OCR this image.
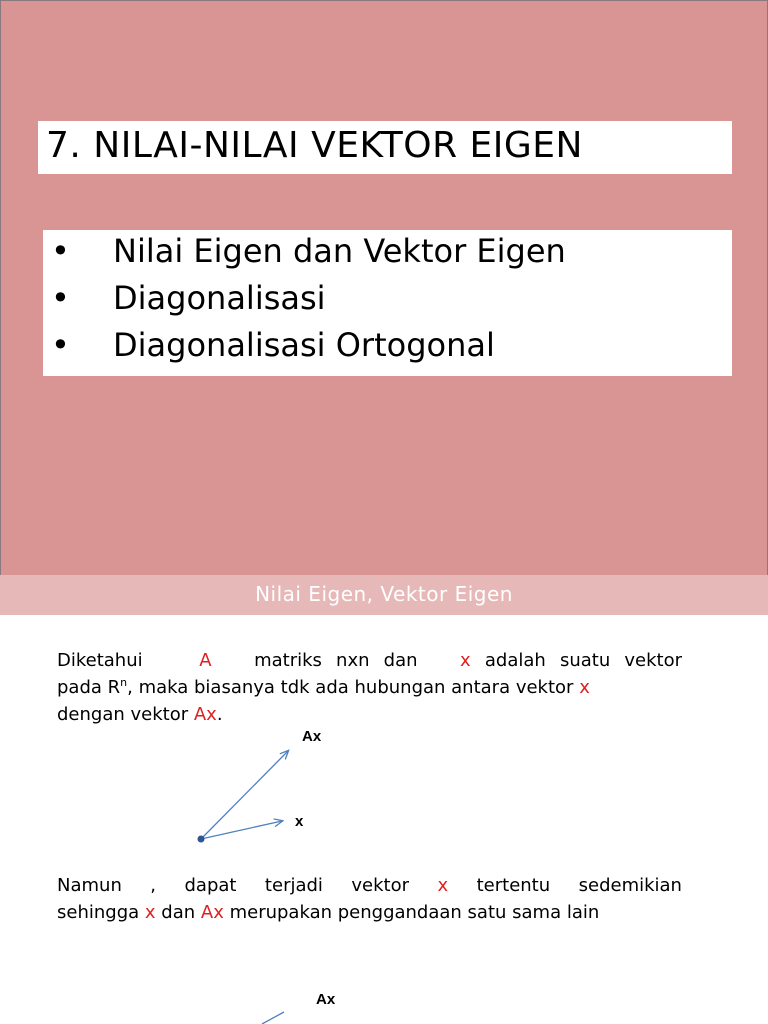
7. NILAI-NILAI VEKTOR EIGEN
• Nilai Eigen dan Vektor Eigen
• Diagonalisasi
• Diagonalisasi Ortogonal
Nilai Eigen, Vektor Eigen
Diketahui	A matriks nxn dan x adalah suatu vektor
pada $R^n$, maka biasanya tdk ada hubungan antara vektor x
dengan vektor Ax.
Ax
x
Namun , dapat terjadi vektor x tertentu sedemikian
sehingga x dan Ax merupakan penggandaan satu sama lain
Ax
